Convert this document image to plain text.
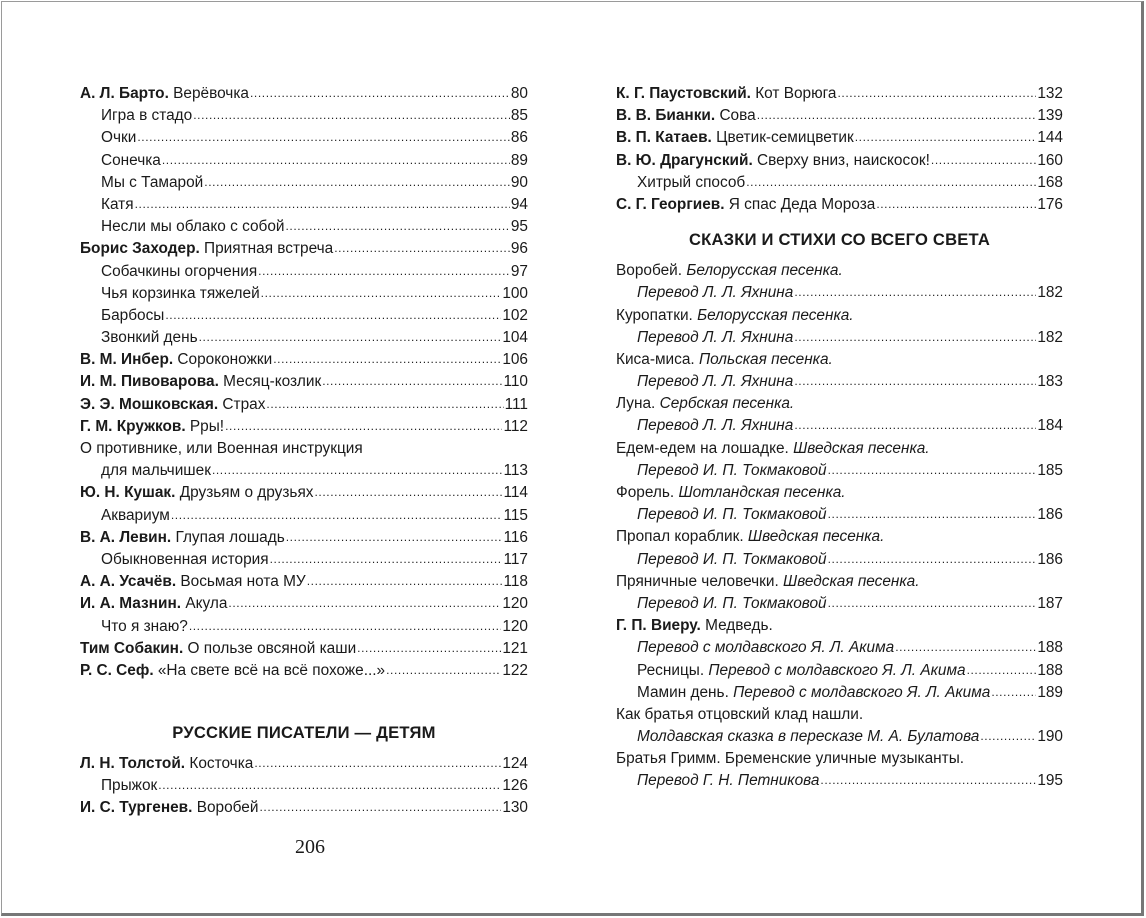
А. Л. Барто. Верёвочка .....	80
Игра в стадо .....	85
Очки .....	86
Сонечка .....	89
Мы с Тамарой .....	90
Катя .....	94
Несли мы облако с собой .....	95
Борис Заходер. Приятная встреча .....	96
Собачкины огорчения .....	97
Чья корзинка тяжелей .....	100
Барбосы .....	102
Звонкий день .....	104
В. М. Инбер. Сороконожки .....	106
И. М. Пивоварова. Месяц-козлик .....	110
Э. Э. Мошковская. Страх .....	111
Г. М. Кружков. Рры! .....	112
О противнике, или Военная инструкция
для мальчишек .....	113
Ю. Н. Кушак. Друзьям о друзьях .....	114
Аквариум .....	115
В. А. Левин. Глупая лошадь .....	116
Обыкновенная история .....	117
А. А. Усачёв. Восьмая нота МУ .....	118
И. А. Мазнин. Акула .....	120
Что я знаю? .....	120
Тим Собакин. О пользе овсяной каши .....	121
Р. С. Сеф. «На свете всё на всё похоже...» .....	122
РУССКИЕ ПИСАТЕЛИ — ДЕТЯМ
Л. Н. Толстой. Косточка .....	124
Прыжок .....	126
И. С. Тургенев. Воробей .....	130
206
К. Г. Паустовский. Кот Ворюга .....	132
В. В. Бианки. Сова .....	139
В. П. Катаев. Цветик-семицветик .....	144
В. Ю. Драгунский. Сверху вниз, наискосок! .....	160
Хитрый способ .....	168
С. Г. Георгиев. Я спас Деда Мороза .....	176
СКАЗКИ И СТИХИ СО ВСЕГО СВЕТА
Воробей. Белорусская песенка.
Перевод Л. Л. Яхнина .....	182
Куропатки. Белорусская песенка.
Перевод Л. Л. Яхнина .....	182
Киса-миса. Польская песенка.
Перевод Л. Л. Яхнина .....	183
Луна. Сербская песенка.
Перевод Л. Л. Яхнина .....	184
Едем-едем на лошадке. Шведская песенка.
Перевод И. П. Токмаковой .....	185
Форель. Шотландская песенка.
Перевод И. П. Токмаковой .....	186
Пропал кораблик. Шведская песенка.
Перевод И. П. Токмаковой .....	186
Пряничные человечки. Шведская песенка.
Перевод И. П. Токмаковой .....	187
Г. П. Виеру. Медведь.
Перевод с молдавского Я. Л. Акима .....	188
Ресницы. Перевод с молдавского Я. Л. Акима .....	188
Мамин день. Перевод с молдавского Я. Л. Акима .....	189
Как братья отцовский клад нашли.
Молдавская сказка в пересказе М. А. Булатова .....	190
Братья Гримм. Бременские уличные музыканты.
Перевод Г. Н. Петникова .....	195
